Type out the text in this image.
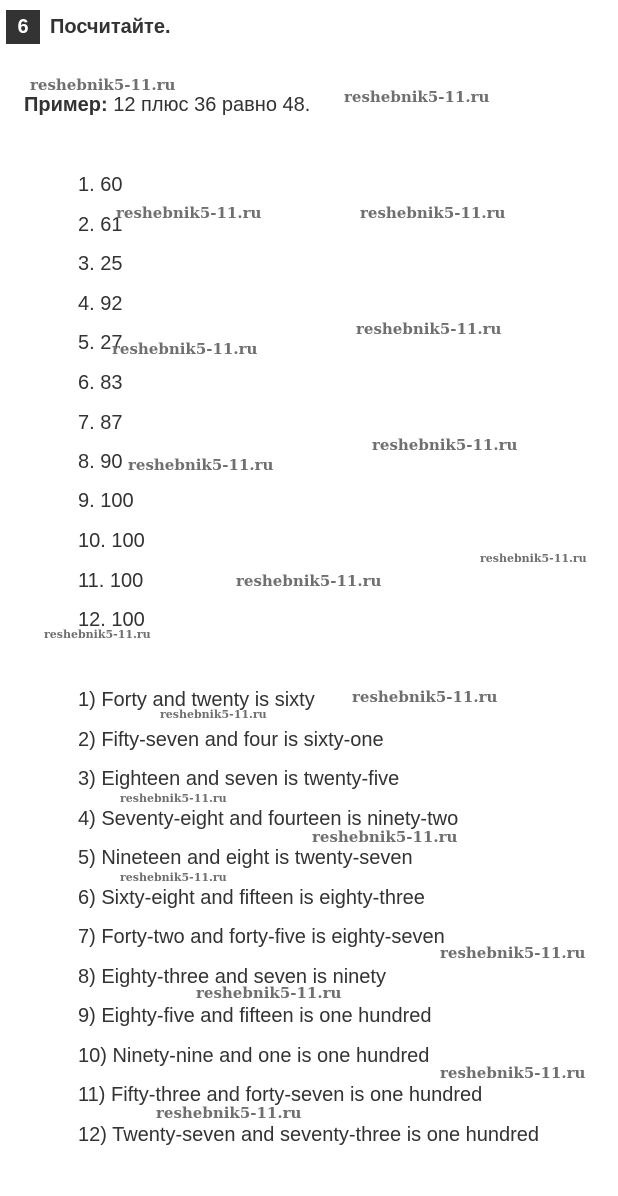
6	Посчитайте.
Пример: 12 плюс 36 равно 48.
1. 60
2. 61
3. 25
4. 92
5. 27
6. 83
7. 87
8. 90
9. 100
10. 100
11. 100
12. 100
1) Forty and twenty is sixty
2) Fifty-seven and four is sixty-one
3) Eighteen and seven is twenty-five
4) Seventy-eight and fourteen is ninety-two
5) Nineteen and eight is twenty-seven
6) Sixty-eight and fifteen is eighty-three
7) Forty-two and forty-five is eighty-seven
8) Eighty-three and seven is ninety
9) Eighty-five and fifteen is one hundred
10) Ninety-nine and one is one hundred
11) Fifty-three and forty-seven is one hundred
12) Twenty-seven and seventy-three is one hundred
reshebnik5-11.ru
reshebnik5-11.ru
reshebnik5-11.ru	reshebnik5-11.ru
reshebnik5-11.ru
reshebnik5-11.ru
reshebnik5-11.ru
reshebnik5-11.ru
reshebnik5-11.ru
reshebnik5-11.ru
reshebnik5-11.ru
reshebnik5-11.ru
reshebnik5-11.ru
reshebnik5-11.ru
reshebnik5-11.ru
reshebnik5-11.ru
reshebnik5-11.ru
reshebnik5-11.ru
reshebnik5-11.ru
reshebnik5-11.ru
